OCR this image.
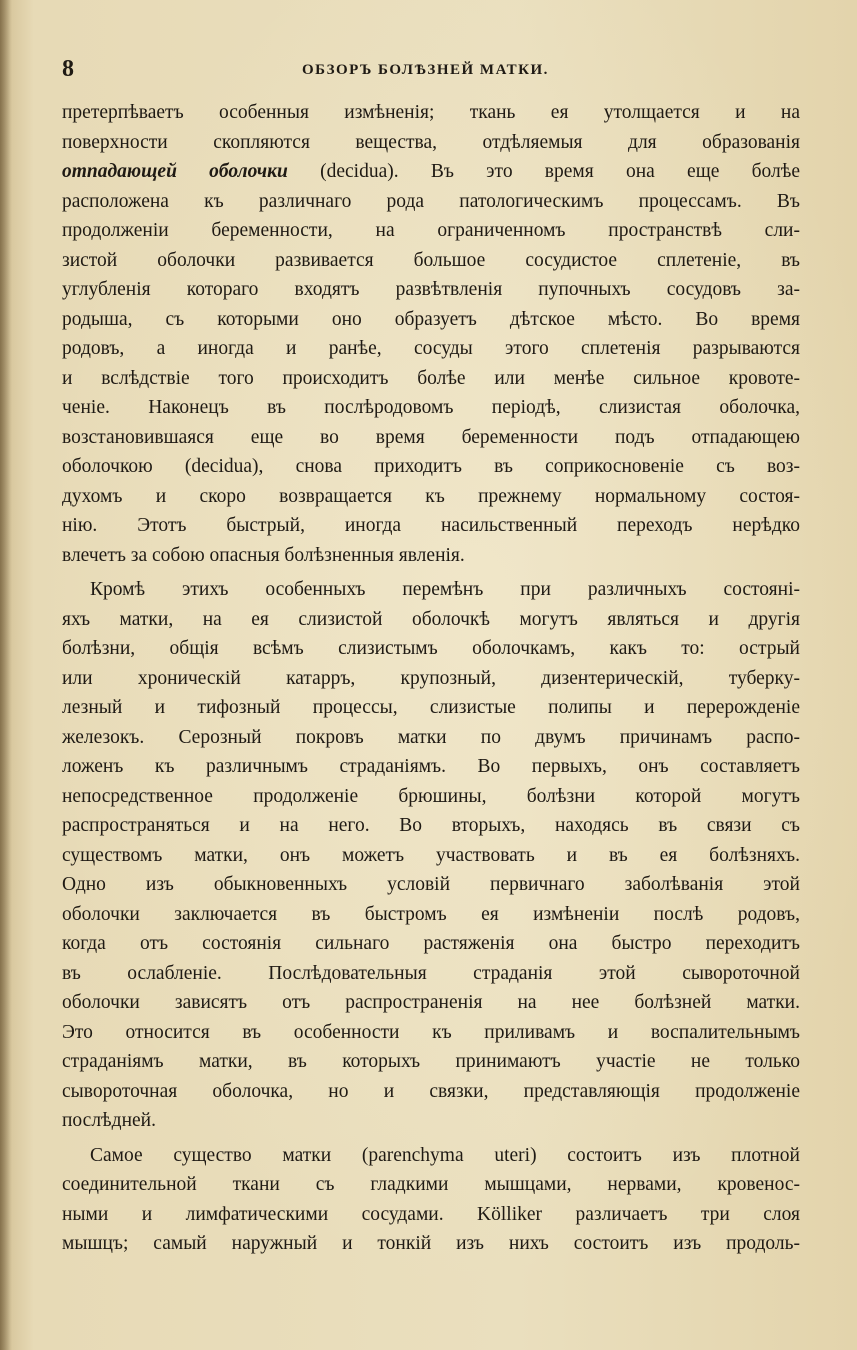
8	ОБЗОРЪ БОЛѢЗНЕЙ МАТКИ.
претерпѣваетъ особенныя измѣненія; ткань ея утолщается и на
поверхности скопляются вещества, отдѣляемыя для образованія
отпадающей оболочки (decidua). Въ это время она еще болѣе
расположена къ различнаго рода патологическимъ процессамъ. Въ
продолженіи беременности, на ограниченномъ пространствѣ сли-
зистой оболочки развивается большое сосудистое сплетеніе, въ
углубленія котораго входятъ развѣтвленія пупочныхъ сосудовъ за-
родыша, съ которыми оно образуетъ дѣтское мѣсто. Во время
родовъ, а иногда и ранѣе, сосуды этого сплетенія разрываются
и вслѣдствіе того происходитъ болѣе или менѣе сильное кровоте-
ченіе. Наконецъ въ послѣродовомъ періодѣ, слизистая оболочка,
возстановившаяся еще во время беременности подъ отпадающею
оболочкою (decidua), снова приходитъ въ соприкосновеніе съ воз-
духомъ и скоро возвращается къ прежнему нормальному состоя-
нію. Этотъ быстрый, иногда насильственный переходъ нерѣдко
влечетъ за собою опасныя болѣзненныя явленія.
Кромѣ этихъ особенныхъ перемѣнъ при различныхъ состояні-
яхъ матки, на ея слизистой оболочкѣ могутъ являться и другія
болѣзни, общія всѣмъ слизистымъ оболочкамъ, какъ то: острый
или хроническій катарръ, крупозный, дизентерическій, туберку-
лезный и тифозный процессы, слизистые полипы и перерожденіе
железокъ. Серозный покровъ матки по двумъ причинамъ распо-
ложенъ къ различнымъ страданіямъ. Во первыхъ, онъ составляетъ
непосредственное продолженіе брюшины, болѣзни которой могутъ
распространяться и на него. Во вторыхъ, находясь въ связи съ
существомъ матки, онъ можетъ участвовать и въ ея болѣзняхъ.
Одно изъ обыкновенныхъ условій первичнаго заболѣванія этой
оболочки заключается въ быстромъ ея измѣненіи послѣ родовъ,
когда отъ состоянія сильнаго растяженія она быстро переходитъ
въ ослабленіе. Послѣдовательныя страданія этой сывороточной
оболочки зависятъ отъ распространенія на нее болѣзней матки.
Это относится въ особенности къ приливамъ и воспалительнымъ
страданіямъ матки, въ которыхъ принимаютъ участіе не только
сывороточная оболочка, но и связки, представляющія продолженіе
послѣдней.
Самое существо матки (parenchyma uteri) состоитъ изъ плотной
соединительной ткани съ гладкими мышцами, нервами, кровенос-
ными и лимфатическими сосудами. Kölliker различаетъ три слоя
мышцъ; самый наружный и тонкій изъ нихъ состоитъ изъ продоль-
